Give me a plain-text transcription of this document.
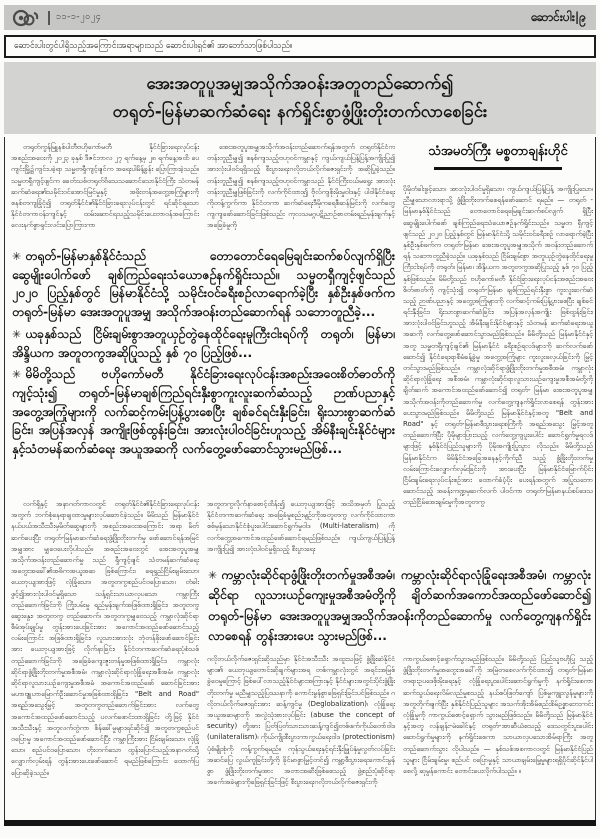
၁၁-၁-၂၀၂၄	ဆောင်းပါး|၉
ဆောင်းပါးတွင်ပါရှိသည့်အကြောင်းအရာများသည် ဆောင်းပါးရှင်၏ အာဘော်သာဖြစ်ပါသည်။
အေးအတူပူအမျှအသိုက်အဝန်းအတူတည်ဆောက်၍
တရုတ်-မြန်မာဆက်ဆံရေး နက်ရှိုင်းစွာဖွံ့ဖြိုးတိုးတက်လာစေခြင်း
တရုတ်ကွန်မြူနစ်ပါတီဗဟိုကော်မတီ နိုင်ငံခြားရေးလုပ်ငန်း အစည်းအဝေးကို ၂၀၂၃ ခုနှစ် ဒီဇင်ဘာလ ၂၇ ရက်နေ့မှ ၂၈ ရက်နေ့အထိ ပေကျင်းမြို့၌ကျင်းပခဲ့ရာ သမ္မတရှီကျင့်ဖျင်က အရေးပါမိန့်ခွန်း ပြောကြားခဲ့သည်။ သမ္မတရှီကျင့်ဖျင်က ခေတ်သစ်တရုတ်ဝိသေသဆောင်သောနိုင်ငံကြီး သံတမန်ဆက်ဆံရေး၏သမိုင်းဝင်အောင်မြင်မှုနှင့် အဖိုးတန်အတွေ့အကြုံများကိုစနစ်တကျခြုံငုံ၍ တရုတ်နိုင်ငံ၏နိုင်ငံခြားရေးလုပ်ငန်းတွင် ရင်ဆိုင်ရသောနိုင်ငံတကာဝန်းကျင်နှင့် ထမ်းဆောင်ရသည့်သမိုင်းပေးတာဝန်အကြောင်း လေးနက်စွာရှင်းလင်းပြောကြားကာ
အေးအတူပူအမျှအသိုက်အဝန်းတည်ဆောက်ရန်အတွက် တရုတ်နိုင်ငံက တန်းတူညီမျှ၍ စနစ်ကျသည့်ဗဟုဝင်ကမ္ဘာနှင့် ကျယ်ကျယ်ပြန့်ပြန့်အကျိုးပြု၍ အားလုံးပါဝင်ရရှိသည့် စီးပွားရေးဂလိုဘယ်လိုက်ဇေးရှင်းကို အဆိုပြုခဲ့သည်။ တန်းတူညီမျှ၍ စနစ်ကျသည့်ဗဟုဝင်ကမ္ဘာသည် နိုင်ငံကြီးငယ်မရွေး အားလုံးတန်းတူညီမျှဖြစ်ခြင်းကို လက်ကိုင်ထား၍ ဗိုလ်ကျစိုးမိုးမှုဝါဒနှင့် ပါဝါနိုင်ငံရေးကိုတန့်ကွက်ကာ နိုင်ငံတကာ ဆက်ဆံရေးဒီမိုကရေစီဆန်မြင်းကို လက်တွေ့ကျကျဖော်ဆောင်ခြင်းဖြစ်သည်း ကုလသမဂ္ဂပဋိညာဉ်စာတမ်းရည်မှန်းချက်နှင့် အခြေခံမူကို
သံအမတ်ကြီး မစ္စတာချန်းဟိုင်
ပိုမိုတံခါးဖွင့်သော၊ အားလုံးပါဝင်မှုရှိသော၊ ကျယ်ကျယ်ပြန့်ပြန့် အကျိုးပြုသော၊ ညီမျှသောလားရာသို့ ဖွံ့ဖြိုးတိုးတက်စေရန်ဖော်ဆောင် ရမည်။ — တရုတ် - မြန်မာနှစ်နိုင်ငံသည် တောတောင်ရေမြေချင်းဆက်စပ်လျက် ရှိပြီး ဆွေမျိုးပေါက်ဖော် ချစ်ကြည်ရေးသံယောဇဉ်နက်ရှိုင်းသည်။ သမ္မတ ရှီကျင့်ဖျင်သည် ၂၀၂၀ ပြည့်နှစ်တွင် မြန်မာနိုင်ငံသို့ သမိုင်းဝင်ခရီးစဉ် လာရောက်ခဲ့ပြီး နှစ်ဦးနှစ်ဖက်က တရုတ်-မြန်မာ အေးအတူပူအမျှအသိုက် အဝန်းတည်ဆောက်ရန် သဘောတူညီခဲ့သည်။ ယခုနှစ်သည် ငြိမ်းချမ်းစွာ အတူယှဉ်တွဲနေထိုင်ရေးမူကြီးငါးရပ်ကို တရုတ်၊ မြန်မာ၊ အိန္ဒိယက အတူတကွအဆိုပြုသည့် နှစ် ၇၀ ပြည့်နှစ်ဖြစ်သည်။ မိမိတို့သည် ဗဟိုကော်မတီ နိုင်ငံခြားရေးလုပ်ငန်းအစည်းအဝေးစိတ်ဓာတ်ကို ကျင့်သုံး၍ တရုတ်-မြန်မာ ချစ်ကြည်ရင်းနှီးစွာ ကူးလူးဆက်ဆံသည့် ဉာဏ်ပညာနှင့် အတွေ့အကြုံများကို လက်ဆင့်ကမ်းပြန့်ပွားစေပြီး ချစ်ခင်ရင်းနှီးခြင်း၊ ရိုးသားစွာဆက်ဆံခြင်း၊ အပြန်အလှန်အကျိုး ဖြစ်ထွန်းခြင်း၊ အားလုံးပါဝင်ခြင်းဟူသည့် အိမ်နီးချင်းနိုင်ငံများနှင့် သံတမန် ဆက်ဆံရေးအယူအဆကို လက်တွေ့ဖော်ဆောင်သွားမည်ဖြစ်သည်။ မိမိတို့သည် မြန်မာနိုင်ငံနှင့်အတူ သမ္မတရှီကျင့်ဖျင်၏ မြန်မာနိုင်ငံ ခရီးစဉ်ရလဒ်များကို ဆက်လက်ဖော်ဆောင်၍ နိုင်ငံရေးရာစီမံခန့်ခွဲမှု အတွေ့အကြုံများ ကူးလူးဖလှယ်ခြင်းကို မြှင့်တင်သွားမည်ဖြစ်သည်။ ကမ္ဘာလုံးဆိုင်ရာဖွံ့ဖြိုးတိုးတက်မှုအစီအမံ၊ ကမ္ဘာလုံးဆိုင်ရာလုံခြုံရေး အစီအမံ၊ ကမ္ဘာလုံးဆိုင်ရာလူသားယဉ်ကျေးမှုအစီအမံတို့ကို ချိတ်ဆက် အကောင်အထည်ဖော်ဆောင်၍ တရုတ်- မြန်မာ အေးအတူပူအမျှ အသိုက်အဝန်းကိုတည်ဆောက်မှု လက်တွေ့ကျနက်ရှိုင်းလာစေရန် တွန်းအားပေးသွားမည်ဖြစ်သည်။ မိမိတို့သည် မြန်မာနိုင်ငံနှင့်အတူ "Belt and Road" နှင့် တရုတ်-မြန်မာစီးပွားရေးစင်္ကြံကို အရည်အသွေး မြှင့်အတူတည်ဆောက်ပြီး ပိုမိုများပြားသည့် လက်တွေ့ကျပူးပေါင်း ဆောင်ရွက်မှုရလဒ်များဖြင့် နှစ်နိုင်ငံပြည်သူများကို ပိုမိုအကျိုးပြုသွား လိုသည်။ မိမိတို့သည် မြန်မာနိုင်ငံက မိမိနိုင်ငံအခြေအနေနှင့်ကိုက်ညီ သည့် ဖွံ့ဖြိုးတိုးတက်မှုလမ်းကြောင်းလျှောက်လှမ်းခြင်းကို အားပေးပြီး မြန်မာနိုင်ငံမြောက်ပိုင်း ငြိမ်းချမ်းရေးလုပ်ငန်းစဉ်အား ထောက်ခံပံ့ပိုး ပေးရန်အတွက် အပြုသဘောဆောင်သည့် အခန်းကဏ္ဍမှဆက်လက် ပါဝင်ကာ တရုတ်-မြန်မာနယ်စပ်ဒေသတည်ငြိမ်အေးချမ်းမှုကိုအတူတကွ
✳ တရုတ်-မြန်မာနှစ်နိုင်ငံသည် တောတောင်ရေမြေချင်းဆက်စပ်လျက်ရှိပြီး ဆွေမျိုးပေါက်ဖော် ချစ်ကြည်ရေးသံယောဇဉ်နက်ရှိုင်းသည်။ သမ္မတရှီကျင့်ဖျင်သည် ၂၀၂၀ ပြည့်နှစ်တွင် မြန်မာနိုင်ငံသို့ သမိုင်းဝင်ခရီးစဉ်လာရောက်ခဲ့ပြီး နှစ်ဦးနှစ်ဖက်က တရုတ်-မြန်မာ အေးအတူပူအမျှ အသိုက်အဝန်းတည်ဆောက်ရန် သဘောတူညီခဲ့...
✳ ယခုနှစ်သည် ငြိမ်းချမ်းစွာအတူယှဉ်တွဲနေထိုင်ရေးမူကြီးငါးရပ်ကို တရုတ်၊ မြန်မာ၊ အိန္ဒိယက အတူတကွအဆိုပြုသည့် နှစ် ၇၀ ပြည့်ဖြစ်...
✳ မိမိတို့သည် ဗဟိုကော်မတီ နိုင်ငံခြားရေးလုပ်ငန်းအစည်းအဝေးစိတ်ဓာတ်ကိုကျင့်သုံး၍ တရုတ်-မြန်မာချစ်ကြည်ရင်းနှီးစွာကူးလူးဆက်ဆံသည့် ဉာဏ်ပညာနှင့်အတွေ့အကြုံများကို လက်ဆင့်ကမ်းပြန့်ပွားစေပြီး ချစ်ခင်ရင်းနှီးခြင်း၊ ရိုးသားစွာဆက်ဆံခြင်း၊ အပြန်အလှန် အကျိုးဖြစ်ထွန်းခြင်း၊ အားလုံးပါဝင်ခြင်းဟူသည့် အိမ်နီးချင်းနိုင်ငံများနှင့်သံတမန်ဆက်ဆံရေး အယူအဆကို လက်တွေ့ဖော်ဆောင်သွားမည်ဖြစ်...
လက်ရှိနှင့် အနာဂတ်ကာလတွင် တရုတ်နိုင်ငံ၏နိုင်ငံခြားရေးလုပ်ငန်း အတွက် ဘက်စုံနေရာချထားမှုများလုပ်ဆောင်ခဲ့သည်။ မိမိသည် မြန်မာနိုင်ငံနယ်ပယ်အသီးသီးမှမိတ်ဆွေများကို အစည်းအဝေးအကြောင်း အရာ မိတ်ဆက်ပေးပြီး တရုတ်-မြန်မာဆက်ဆံရေးဖွံ့ဖြိုးတိုးတက်မှု ဖော်ဆောင်ရန်အမြင်အမျှအား မျှဝေပေးလိုပါသည်။ အစည်းအဝေးတွင် အေးအတူပူအမျှအသိုက်အဝန်းတည်ဆောက်မှု သည် ရှီကျင့်ဖျင် သံတမန်ဆက်ဆံရေးအတွေးအခေါ်၏အဓိကအယူအဆ ဖြစ်ကြောင်း၊ ရေရှည်ငြိမ်းချမ်းသော၊ ယေဘုယျအားဖြင့် လုံခြုံသော၊ အတူတကွစည်ပင်ဝပြောသော၊ တံခါးဖွင့်၍အားလုံးပါဝင်မှုရှိသော သန့်ရှင်းသာယာလှပသော ကမ္ဘာကြီးတည်ဆောက်ခြင်းကို ကြိုးပမ်းမှု ရည်မှန်းချက်အဖြစ်ထားရှိခြင်း၊ အတူတကွဆွေးနွေး၊ အတူတကွ တည်ဆောက်၊ အတူတကွမျှဝေသည့် ကမ္ဘာလုံးဆိုင်ရာစီမံအုပ်ချုပ်မှု တွန်းအားပေးခြင်းအား အကောင်အထည်ဖော်ဆောင်သည့်လမ်းကြောင်း အဖြစ်ထားရှိခြင်း၊ လူသားအားလုံး ဘုံတန်ဖိုးဖော်ဆောင်ခြင်းအား ယေဘုယျအားဖြင့် လိုက်နာခြင်း၊ နိုင်ငံတကာဆက်ဆံရေးပုံစံသစ် တည်ဆောက်ခြင်းကို အခြေခံကျေးဇူးတန်မှုအဖြစ်ထားရှိခြင်း၊ ကမ္ဘာလုံး ဆိုင်ရာဖွံ့ဖြိုးတိုးတက်မှုအစီအမံ၊ ကမ္ဘာလုံးဆိုင်ရာလုံခြုံရေးအစီအမံ၊ ကမ္ဘာလုံးဆိုင်ရာလူသားယဉ်ကျေးမှုအစီအမံ အကောင်အထည်ဖော် ဆောင်ခြင်းအား မဟာဗျူဟာမြောက်ဦးဆောင်မှုအဖြစ်ထားရှိခြင်း၊ "Belt and Road" အရည်အသွေးမြှင့် အတူတကွတည်ဆောက်ခြင်းအား လက်တွေ့အကောင်အထည်ဖော်ဆောင်သည့် ပလက်ဖောင်းထားရှိခြင်း တို့ဖြင့် နိုင်ငံအသီးသီးနှင့် အတူလက်တွဲကာ စိန်ခေါ်မှုများရင်ဆိုင်၍ အတူတကွစည်ပင်ဝပြောမှု အကောင်အထည်ဖော်ဆောင်ပြီး ကမ္ဘာကြီးအား ငြိမ်းချမ်းသော၊ လုံခြုံသော၊ စည်ပင်ဝပြောသော၊ တိုးတက်သော ထွန်းပြောင်သည့်အနာဂတ်သို့လျှောက်လှမ်းရန် တွန်းအားပေးဖော်ဆောင် ရမည်ဖြစ်ကြောင်း ထောက်ပြပြောဆိုခဲ့သည်။
အတူတကွလိုက်နာစောင့်ထိန်း၍ ယေဘုယျအားဖြင့် အသိအမှတ် ပြုသည့် နိုင်ငံတကာဆက်ဆံရေး အခြေခံမူစည်းမျဉ်းကိုအတူတကွ လက်ကိုင်ထားကာ စစ်မှန်သောနိုင်ငံစုံပူးပေါင်းဆောင်ရွက်မှုဝါဒ (Multi-lateralism) ကို လက်တွေ့အကောင်အထည်ဖော်ဆောင်ရမည်ဖြစ်သည်။ ကျယ်ကျယ်ပြန့်ပြန့်အကျိုးပြု၍ အားလုံးပါဝင်မှုရှိသည့် စီးပွားရေး
✳ ကမ္ဘာလုံးဆိုင်ရာဖွံ့ဖြိုးတိုးတက်မှုအစီအမံ၊ ကမ္ဘာလုံးဆိုင်ရာလုံခြုံရေးအစီအမံ၊ ကမ္ဘာလုံးဆိုင်ရာ လူသားယဉ်ကျေးမှုအစီအမံတို့ကို ချိတ်ဆက်အကောင်အထည်ဖော်ဆောင်၍ တရုတ်-မြန်မာ အေးအတူပူအမျှအသိုက်အဝန်းကိုတည်ဆောက်မှု လက်တွေ့ကျနက်ရှိုင်းလာစေရန် တွန်းအားပေး သွားမည်ဖြစ်...
ဂလိုဘယ်လိုက်ဇေးရှင်းဆိုသည်မှာ နိုင်ငံအသီးသီး အထူးသဖြင့် ဖွံ့ဖြိုးဆဲနိုင်ငံများ၏ ယေဘုယျတောင်းဆိုချက်များအရ တစ်ကမ္ဘာလုံးတွင် အရင်းအမြစ်ခွဲဝေမှုကြောင့် ဖြစ်ပေါ်လာသည့်နိုင်ငံများအကြားနှင့် နိုင်ငံများအတွင်းပိုင်းဖွံ့ဖြိုးတိုးတက်မှု မညီမျှသည့်ပြဿနာကို ကောင်းမွန်စွာဖြေရှင်းခြင်းပင်ဖြစ်သည်။ ဂလိုဘယ်လိုက်ဇေးရှင်းအား ဆန့်ကျင်မှု (Deglobalization)၊ လုံခြုံရေးအယူအဆများကို အလွဲသုံးစားလုပ်ခြင်း (abuse the concept of security) တို့အား ပြတ်ပြတ်သားသားဆန့်ကျင်၍တစ်ဖက်ကိုယ်တော်ဝါဒ (unilateralism)၊ ကိုယ်ကျိုးစီးပွားကာကွယ်ရေးဝါဒ (protectionism) ပုံစံမျိုးစုံကို ကန့်ကွက်ရမည်။ ကုန်သွယ်ရေးနှင့်ရင်းနှီးမြှုပ်နှံမှုလွတ်လပ်ခြင်း အဆင်ပြေ လွယ်ကူခြင်းတို့ကို ခိုင်မာစွာမြှင့်တင်၍ ကမ္ဘာ့စီးပွားရေးကောင်းမွန်စွာ ဖွံ့ဖြိုးတိုးတက်မှုအား အတားအဆီးဖြစ်စေသည့် ဖွဲ့စည်းပုံဆိုင်ရာ အခက်အခဲများကိုဖြေရှင်းခြင်းဖြင့် စီးပွားရေးဂလိုဘယ်လိုက်ဇေးရှင်းကို
ကာကွယ်စောင့်ရှောက်သွားမည်ဖြစ်သည်။ မိမိတို့သည် ပြည်သူဗဟိုပြု သည့် ဖွံ့ဖြိုးတိုးတက်မှုအတွေးအခေါ်ကို အမြဲတစေလက်ကိုင်ထား၍ တရုတ်-မြန်မာ တရားဥပဒေစိုးမိုးရေးနှင့် လုံခြုံရေးပူးပေါင်းဆောင်ရွက်မှုကို နက်ရှိုင်းစေကာ ဆက်သွယ်ရေးလိမ်လည်မှုစသည့် နယ်စပ်ဖြတ်ကျော် ပြစ်မှုကျူးလွန်မှုများကိုအတူတိုက်ဖျက်ပြီး နှစ်နိုင်ငံပြည်သူများ အသက်အိုးအိမ်စည်းစိမ်ဥစ္စာဘေးကင်းလုံခြုံမှုကို ကာကွယ်စောင့်ရှောက် သွားမည်ဖြစ်သည်။ မိမိတို့သည် မြန်မာနိုင်ငံနှင့်အတူ လန်ချန်း-မဲခေါင်နှင့် တရုတ်-အာဆီယံစသည့် ဒေသတွင်းပူးပေါင်းဆောင်ရွက်မှုများကို နက်ရှိုင်းစေကာ သာယာလှပသောအိမ်ရာကြီး အတူတည်ဆောက်သွား လိုပါသည်။ — နှစ်သစ်အစကာလတွင် မြန်မာနိုင်ငံပြည်သူများ ငြိမ်းချမ်းမှု၊ စည်ပင် ဝပြောမှုနှင့် သာယာချမ်းမြေ့မှုများရရှိပိုင်ဆိုင်နိုင်ပါစေလို့ ဆုမွန်ကောင်း တောင်းပေးလိုက်ပါသည်။ ။
